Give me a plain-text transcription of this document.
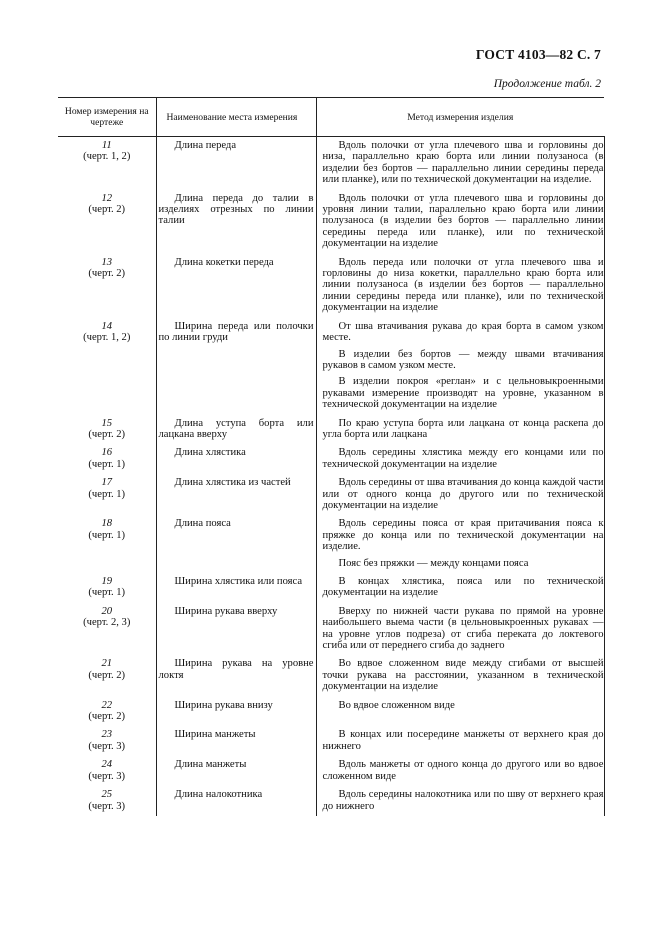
ГОСТ 4103—82 С. 7
Продолжение табл. 2
Номер измерения на чертеже	Наименование места измерения	Метод измерения изделия

11
(черт. 1, 2)	Длина переда	Вдоль полочки от угла плечевого шва и горловины до низа, параллельно краю борта или линии полузаноса (в изделии без бортов — параллельно линии середины переда или планке), или по технической документации на изделие.

12
(черт. 2)	Длина переда до талии в изделиях отрезных по линии талии	Вдоль полочки от угла плечевого шва и горловины до уровня линии талии, параллельно краю борта или линии полузаноса (в изделии без бортов — параллельно линии середины переда или планке), или по технической документации на изделие

13
(черт. 2)	Длина кокетки переда	Вдоль переда или полочки от угла плечевого шва и горловины до низа кокетки, параллельно краю борта или линии полузаноса (в изделии без бортов — параллельно линии середины переда или планке), или по технической документации на изделие

14
(черт. 1, 2)	Ширина переда или полочки по линии груди	От шва втачивания рукава до края борта в самом узком месте.
В изделии без бортов — между швами втачивания рукавов в самом узком месте.
В изделии покроя «реглан» и с цельновыкроенными рукавами измерение производят на уровне, указанном в технической документации на изделие

15
(черт. 2)	Длина уступа борта или лацкана вверху	По краю уступа борта или лацкана от конца раскепа до угла борта или лацкана

16
(черт. 1)	Длина хлястика	Вдоль середины хлястика между его концами или по технической документации на изделие

17
(черт. 1)	Длина хлястика из частей	Вдоль середины от шва втачивания до конца каждой части или от одного конца до другого или по технической документации на изделие

18
(черт. 1)	Длина пояса	Вдоль середины пояса от края притачивания пояса к пряжке до конца или по технической документации на изделие.
Пояс без пряжки — между концами пояса

19
(черт. 1)	Ширина хлястика или пояса	В концах хлястика, пояса или по технической документации на изделие

20
(черт. 2, 3)	Ширина рукава вверху	Вверху по нижней части рукава по прямой на уровне наибольшего выема части (в цельновыкроенных рукавах — на уровне углов подреза) от сгиба переката до локтевого сгиба или от переднего сгиба до заднего

21
(черт. 2)	Ширина рукава на уровне локтя	Во вдвое сложенном виде между сгибами от высшей точки рукава на расстоянии, указанном в технической документации на изделие

22
(черт. 2)	Ширина рукава внизу	Во вдвое сложенном виде

23
(черт. 3)	Ширина манжеты	В концах или посередине манжеты от верхнего края до нижнего

24
(черт. 3)	Длина манжеты	Вдоль манжеты от одного конца до другого или во вдвое сложенном виде

25
(черт. 3)	Длина налокотника	Вдоль середины налокотника или по шву от верхнего края до нижнего
